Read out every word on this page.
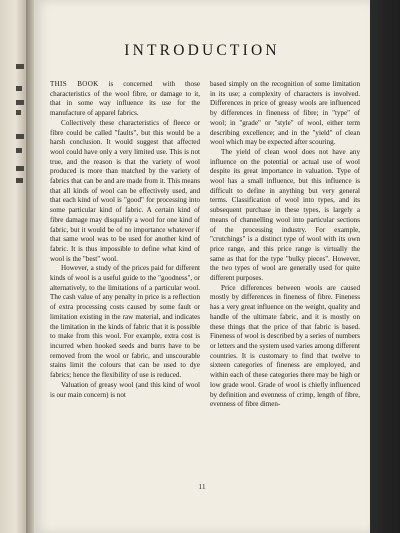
INTRODUCTION

THIS BOOK is concerned with those characteristics of the wool fibre, or damage to it, that in some way influence its use for the manufacture of apparel fabrics.

Collectively these characteristics of fleece or fibre could be called "faults", but this would be a harsh conclusion. It would suggest that affected wool could have only a very limited use. This is not true, and the reason is that the variety of wool produced is more than matched by the variety of fabrics that can be and are made from it. This means that all kinds of wool can be effectively used, and that each kind of wool is "good" for processing into some particular kind of fabric. A certain kind of fibre damage may disqualify a wool for one kind of fabric, but it would be of no importance whatever if that same wool was to be used for another kind of fabric. It is thus impossible to define what kind of wool is the "best" wool.

However, a study of the prices paid for different kinds of wool is a useful guide to the "goodness", or alternatively, to the limitations of a particular wool. The cash value of any penalty in price is a reflection of extra processing costs caused by some fault or limitation existing in the raw material, and indicates the limitation in the kinds of fabric that it is possible to make from this wool. For example, extra cost is incurred when hooked seeds and burrs have to be removed from the wool or fabric, and unscourable stains limit the colours that can be used to dye fabrics; hence the flexibility of use is reduced.

Valuation of greasy wool (and this kind of wool is our main concern) is not

based simply on the recognition of some limitation in its use; a complexity of characters is involved. Differences in price of greasy wools are influenced by differences in fineness of fibre; in "type" of wool; in "grade" or "style" of wool, either term describing excellence; and in the "yield" of clean wool which may be expected after scouring.

The yield of clean wool does not have any influence on the potential or actual use of wool despite its great importance in valuation. Type of wool has a small influence, but this influence is difficult to define in anything but very general terms. Classification of wool into types, and its subsequent purchase in these types, is largely a means of channelling wool into particular sections of the processing industry. For example, "crutchings" is a distinct type of wool with its own price range, and this price range is virtually the same as that for the type "bulky pieces". However, the two types of wool are generally used for quite different purposes.

Price differences between wools are caused mostly by differences in fineness of fibre. Fineness has a very great influence on the weight, quality and handle of the ultimate fabric, and it is mostly on these things that the price of that fabric is based. Fineness of wool is described by a series of numbers or letters and the system used varies among different countries. It is customary to find that twelve to sixteen categories of fineness are employed, and within each of these categories there may be high or low grade wool. Grade of wool is chiefly influenced by definition and evenness of crimp, length of fibre, evenness of fibre dimen-

11
